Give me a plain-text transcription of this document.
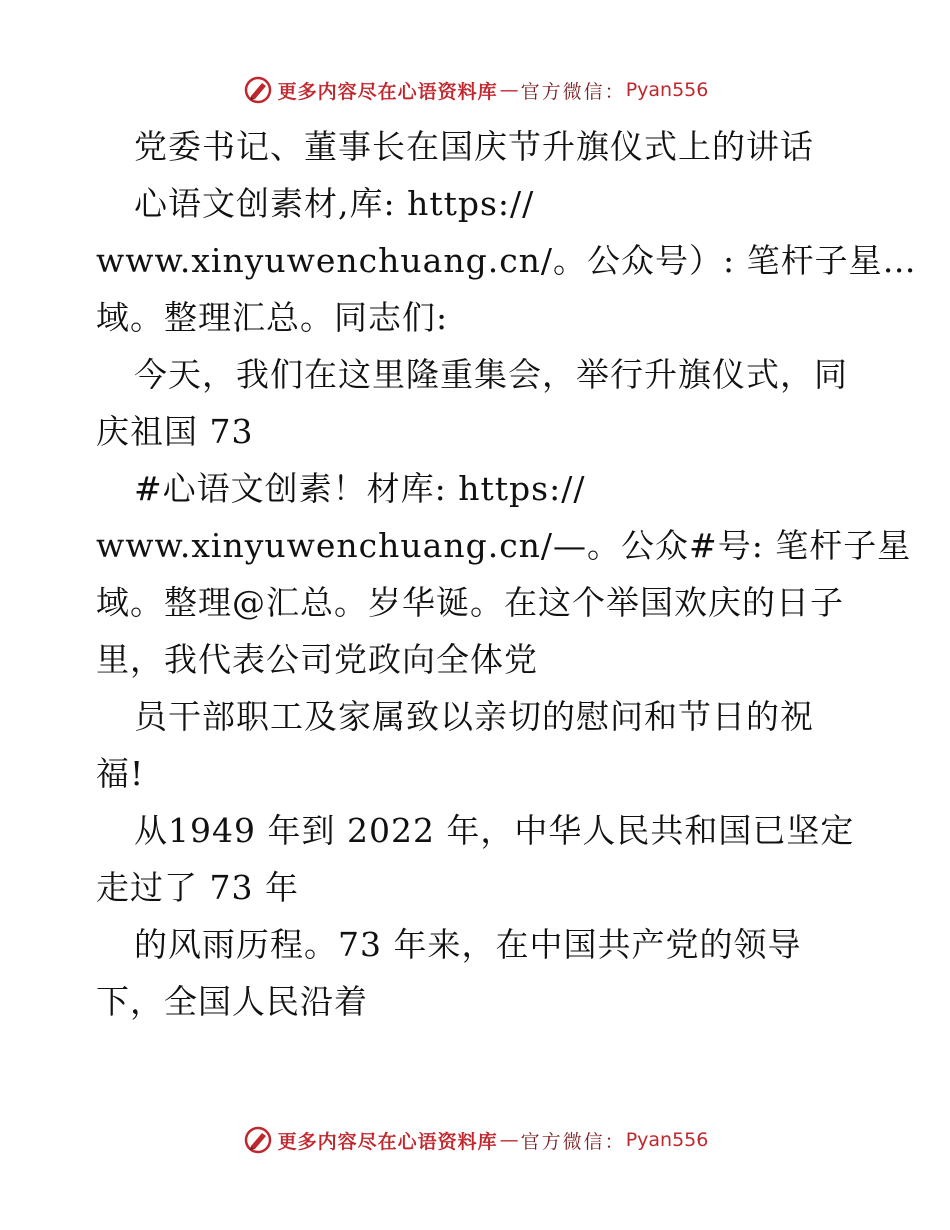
更多内容尽在心语资料库 — 官方微信 ： Pyan556
党委书记、董事长在国庆节升旗仪式上的讲话
心语文创素材,库: https://
www.xinyuwenchuang.cn/。公众号）: 笔杆子星…
域。整理汇总。同志们:
今天，我们在这里隆重集会，举行升旗仪式，同
庆祖国 73
#心语文创素！材库: https://
www.xinyuwenchuang.cn/—。公众#号: 笔杆子星
域。整理@汇总。岁华诞。在这个举国欢庆的日子
里，我代表公司党政向全体党
员干部职工及家属致以亲切的慰问和节日的祝
福!
从1949 年到 2022 年，中华人民共和国已坚定
走过了 73 年
的风雨历程。73 年来，在中国共产党的领导
下，全国人民沿着
更多内容尽在心语资料库 — 官方微信 ： Pyan556
